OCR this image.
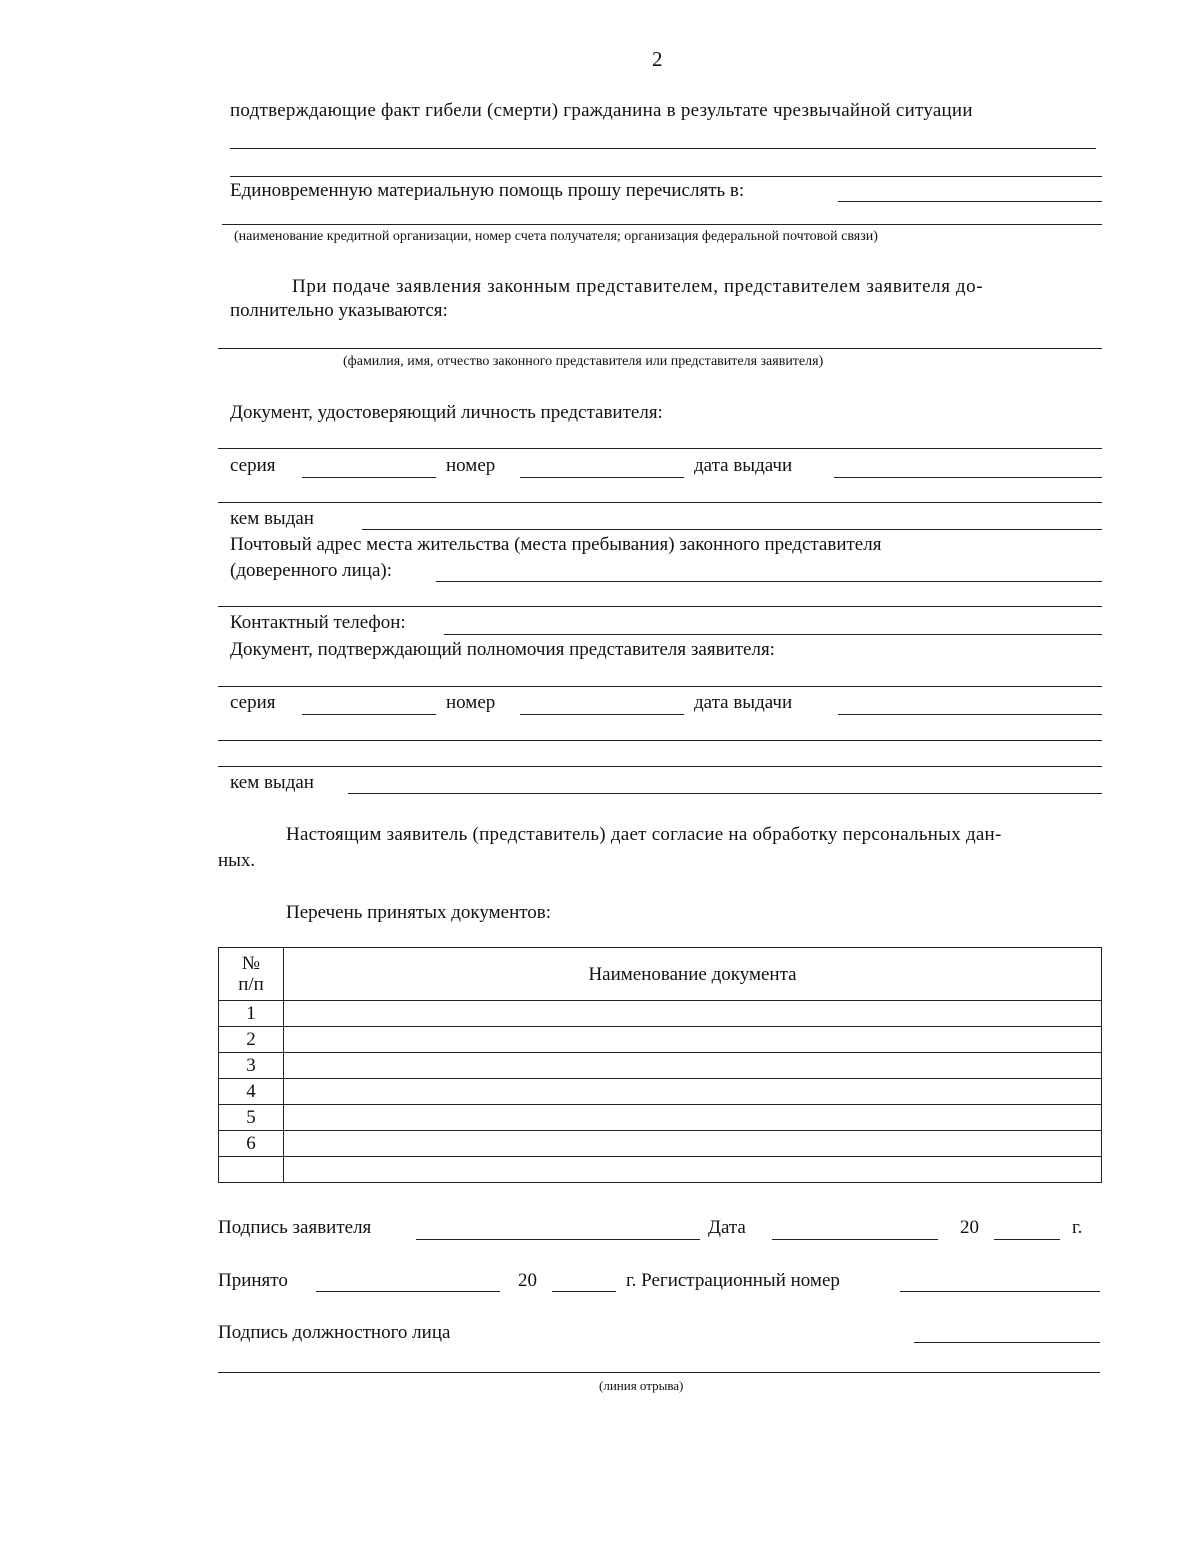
2
подтверждающие факт гибели (смерти) гражданина в результате чрезвычайной ситуации
Единовременную материальную помощь прошу перечислять в:
(наименование кредитной организации, номер счета получателя; организация федеральной почтовой связи)
При подаче заявления законным представителем, представителем заявителя до-
полнительно указываются:
(фамилия, имя, отчество законного представителя или представителя заявителя)
Документ, удостоверяющий личность представителя:
серия	номер	дата выдачи
кем выдан
Почтовый адрес места жительства (места пребывания) законного представителя
(доверенного лица):
Контактный телефон:
Документ, подтверждающий полномочия представителя заявителя:
серия	номер	дата выдачи
кем выдан
Настоящим заявитель (представитель) дает согласие на обработку персональных дан-
ных.
Перечень принятых документов:
№
п/п	Наименование документа
1	
2	
3	
4	
5	
6	

Подпись заявителя	Дата	20	г.
Принято	20	г. Регистрационный номер
Подпись должностного лица
(линия отрыва)
